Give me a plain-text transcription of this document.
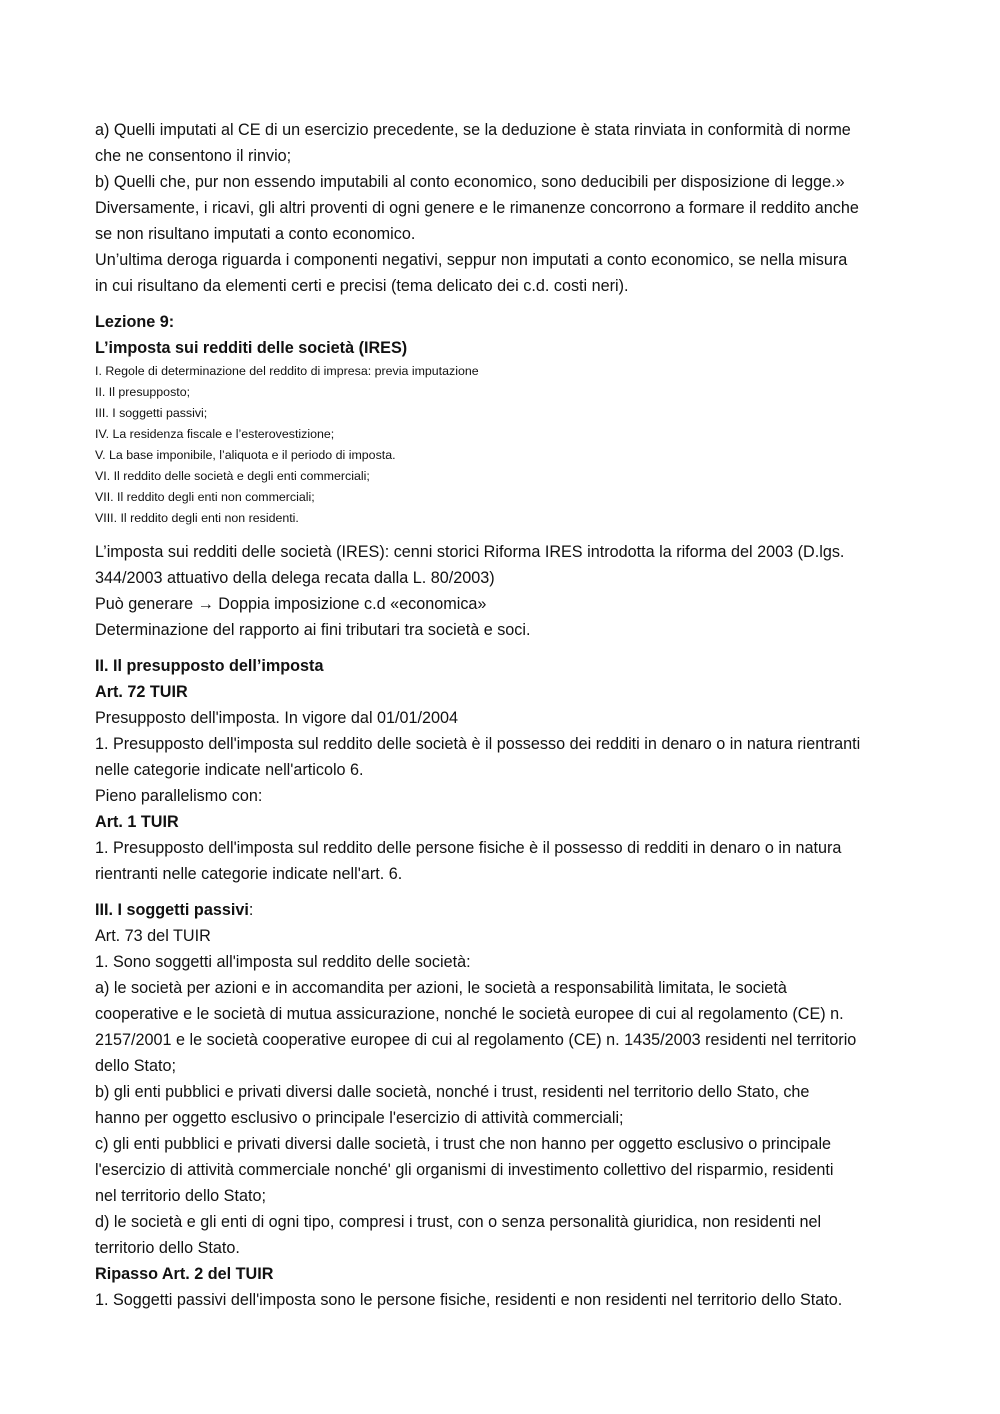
a) Quelli imputati al CE di un esercizio precedente, se la deduzione è stata rinviata in conformità di norme

che ne consentono il rinvio;

b) Quelli che, pur non essendo imputabili al conto economico, sono deducibili per disposizione di legge.»

Diversamente, i ricavi, gli altri proventi di ogni genere e le rimanenze concorrono a formare il reddito anche

se non risultano imputati a conto economico.

Un’ultima deroga riguarda i componenti negativi, seppur non imputati a conto economico, se nella misura

in cui risultano da elementi certi e precisi (tema delicato dei c.d. costi neri).

Lezione 9:

L’imposta sui redditi delle società (IRES)

I. Regole di determinazione del reddito di impresa: previa imputazione

II. Il presupposto;

III. I soggetti passivi;

IV. La residenza fiscale e l’esterovestizione;

V. La base imponibile, l’aliquota e il periodo di imposta.

VI. Il reddito delle società e degli enti commerciali;

VII. Il reddito degli enti non commerciali;

VIII. Il reddito degli enti non residenti.

L’imposta sui redditi delle società (IRES): cenni storici Riforma IRES introdotta la riforma del 2003 (D.lgs.

344/2003 attuativo della delega recata dalla L. 80/2003)

Può generare → Doppia imposizione c.d «economica»

Determinazione del rapporto ai fini tributari tra società e soci.

II. Il presupposto dell’imposta

Art. 72 TUIR

Presupposto dell'imposta. In vigore dal 01/01/2004

1. Presupposto dell'imposta sul reddito delle società è il possesso dei redditi in denaro o in natura rientranti

nelle categorie indicate nell'articolo 6.

Pieno parallelismo con:

Art. 1 TUIR

1. Presupposto dell'imposta sul reddito delle persone fisiche è il possesso di redditi in denaro o in natura

rientranti nelle categorie indicate nell'art. 6.

III. I soggetti passivi:

Art. 73 del TUIR

1. Sono soggetti all'imposta sul reddito delle società:

a) le società per azioni e in accomandita per azioni, le società a responsabilità limitata, le società

cooperative e le società di mutua assicurazione, nonché le società europee di cui al regolamento (CE) n.

2157/2001 e le società cooperative europee di cui al regolamento (CE) n. 1435/2003 residenti nel territorio

dello Stato;

b) gli enti pubblici e privati diversi dalle società, nonché i trust, residenti nel territorio dello Stato, che

hanno per oggetto esclusivo o principale l'esercizio di attività commerciali;

c) gli enti pubblici e privati diversi dalle società, i trust che non hanno per oggetto esclusivo o principale

l'esercizio di attività commerciale nonché' gli organismi di investimento collettivo del risparmio, residenti

nel territorio dello Stato;

d) le società e gli enti di ogni tipo, compresi i trust, con o senza personalità giuridica, non residenti nel

territorio dello Stato.

Ripasso Art. 2 del TUIR

1. Soggetti passivi dell'imposta sono le persone fisiche, residenti e non residenti nel territorio dello Stato.
